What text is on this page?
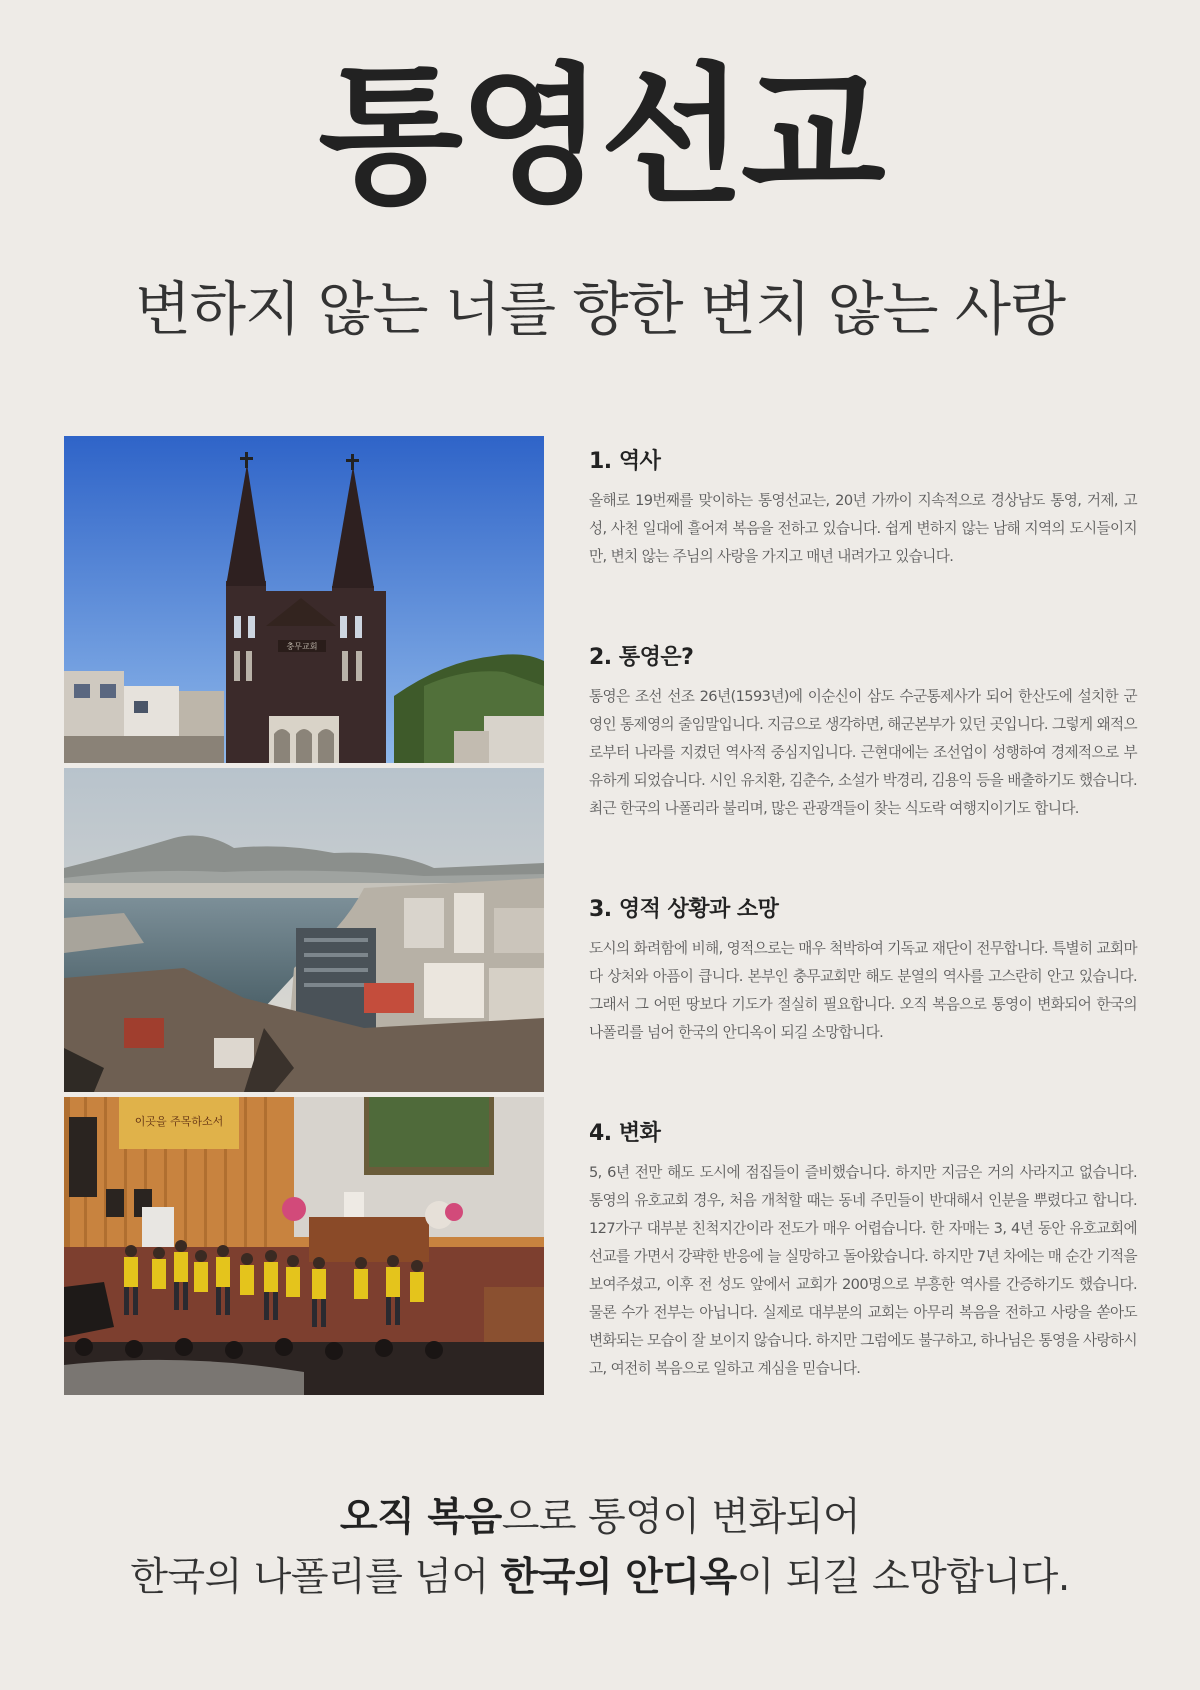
통영선교
변하지 않는 너를 향한 변치 않는 사랑
충무교회
이곳을 주목하소서
1. 역사

올해로 19번째를 맞이하는 통영선교는, 20년 가까이 지속적으로 경상남도 통영, 거제, 고성, 사천 일대에 흘어져 복음을 전하고 있습니다. 쉽게 변하지 않는 남해 지역의 도시들이지만, 변치 않는 주님의 사랑을 가지고 매년 내려가고 있습니다.

2. 통영은?

통영은 조선 선조 26년(1593년)에 이순신이 삼도 수군통제사가 되어 한산도에 설치한 군영인 통제영의 줄임말입니다. 지금으로 생각하면, 해군본부가 있던 곳입니다. 그렇게 왜적으로부터 나라를 지켰던 역사적 중심지입니다. 근현대에는 조선업이 성행하여 경제적으로 부유하게 되었습니다. 시인 유치환, 김춘수, 소설가 박경리, 김용익 등을 배출하기도 했습니다. 최근 한국의 나폴리라 불리며, 많은 관광객들이 찾는 식도락 여행지이기도 합니다.

3. 영적 상황과 소망

도시의 화려함에 비해, 영적으로는 매우 척박하여 기독교 재단이 전무합니다. 특별히 교회마다 상처와 아픔이 큽니다. 본부인 충무교회만 해도 분열의 역사를 고스란히 안고 있습니다. 그래서 그 어떤 땅보다 기도가 절실히 필요합니다. 오직 복음으로 통영이 변화되어 한국의 나폴리를 넘어 한국의 안디옥이 되길 소망합니다.

4. 변화

5, 6년 전만 해도 도시에 점집들이 즐비했습니다. 하지만 지금은 거의 사라지고 없습니다. 통영의 유호교회 경우, 처음 개척할 때는 동네 주민들이 반대해서 인분을 뿌렸다고 합니다. 127가구 대부분 친척지간이라 전도가 매우 어렵습니다. 한 자매는 3, 4년 동안 유호교회에 선교를 가면서 강퍅한 반응에 늘 실망하고 돌아왔습니다. 하지만 7년 차에는 매 순간 기적을 보여주셨고, 이후 전 성도 앞에서 교회가 200명으로 부흥한 역사를 간증하기도 했습니다. 물론 수가 전부는 아닙니다. 실제로 대부분의 교회는 아무리 복음을 전하고 사랑을 쏟아도 변화되는 모습이 잘 보이지 않습니다. 하지만 그럼에도 불구하고, 하나님은 통영을 사랑하시고, 여전히 복음으로 일하고 계심을 믿습니다.

오직 복음으로 통영이 변화되어
한국의 나폴리를 넘어 한국의 안디옥이 되길 소망합니다.
